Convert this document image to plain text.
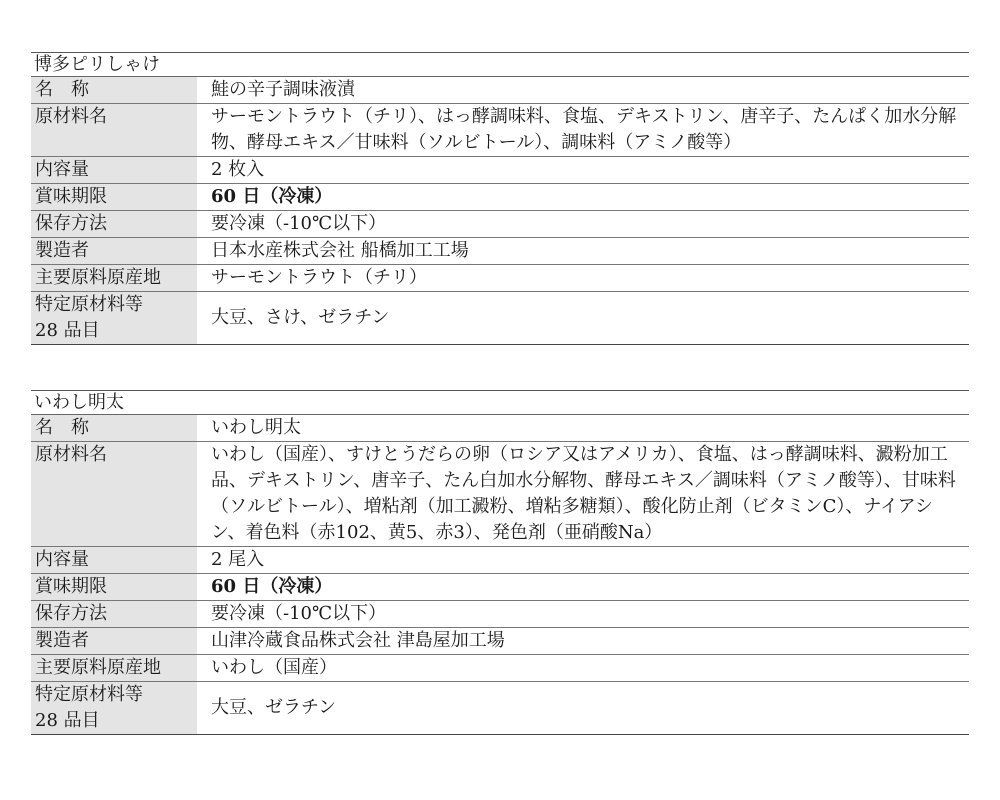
博多ピリしゃけ
名　称	鮭の辛子調味液漬
原材料名	サーモントラウト（チリ）、はっ酵調味料、食塩、デキストリン、唐辛子、たんぱく加水分解物、酵母エキス／甘味料（ソルビトール）、調味料（アミノ酸等）
内容量	2 枚入
賞味期限	60 日（冷凍）
保存方法	要冷凍（-10℃以下）
製造者	日本水産株式会社 船橋加工工場
主要原料原産地	サーモントラウト（チリ）

特定原材料等
28 品目	大豆、さけ、ゼラチン
いわし明太
名　称	いわし明太
原材料名	いわし（国産）、すけとうだらの卵（ロシア又はアメリカ）、食塩、はっ酵調味料、澱粉加工品、デキストリン、唐辛子、たん白加水分解物、酵母エキス／調味料（アミノ酸等）、甘味料（ソルビトール）、増粘剤（加工澱粉、増粘多糖類）、酸化防止剤（ビタミンC）、ナイアシン、着色料（赤102、黄5、赤3）、発色剤（亜硝酸Na）
内容量	2 尾入
賞味期限	60 日（冷凍）
保存方法	要冷凍（-10℃以下）
製造者	山津冷蔵食品株式会社 津島屋加工場
主要原料原産地	いわし（国産）

特定原材料等
28 品目	大豆、ゼラチン
